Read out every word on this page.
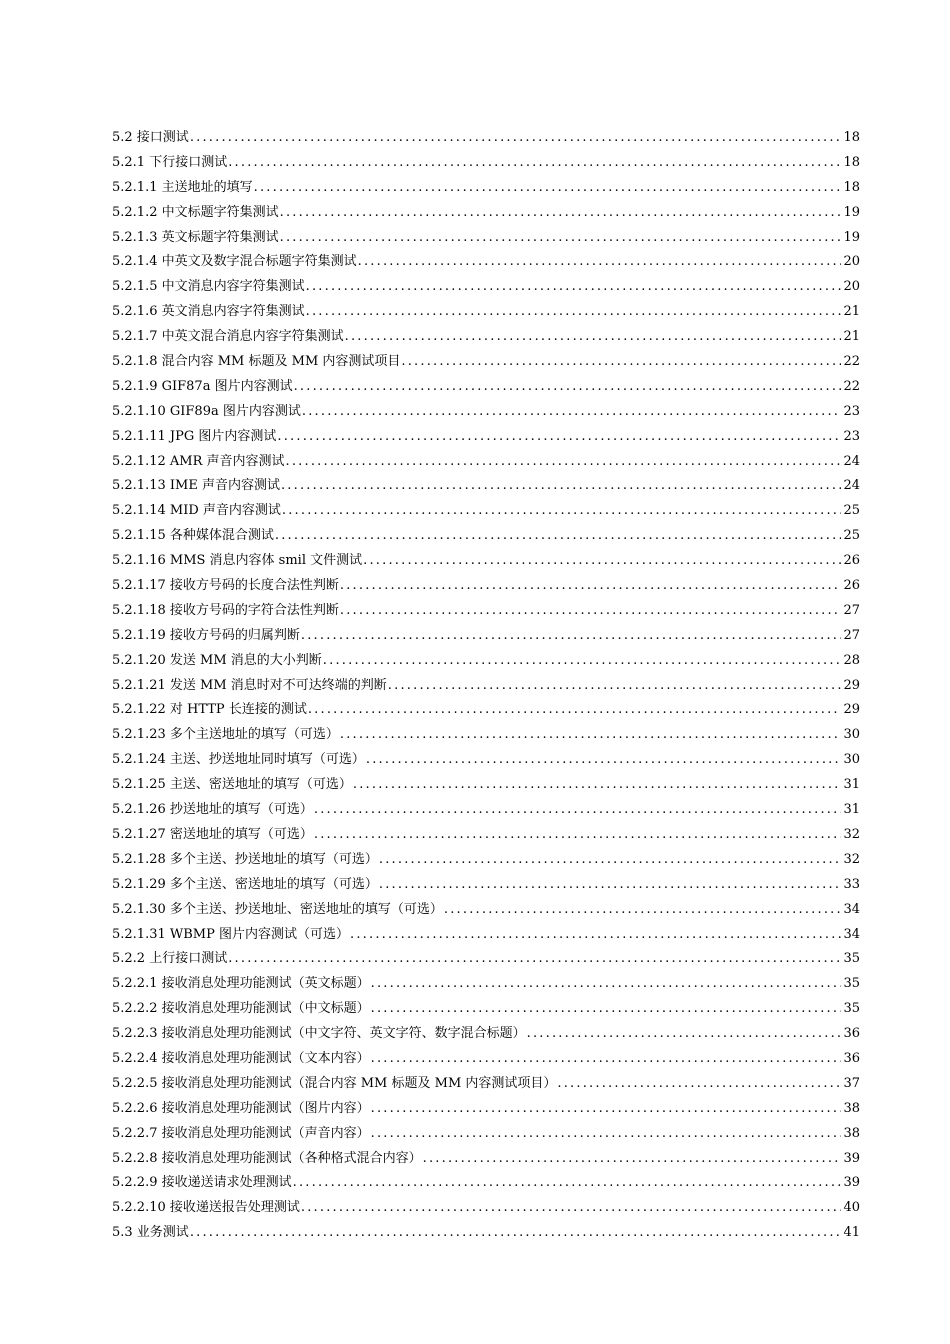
5.2 接口测试 .....	18
5.2.1 下行接口测试 .....	18
5.2.1.1 主送地址的填写 .....	18
5.2.1.2 中文标题字符集测试 .....	19
5.2.1.3 英文标题字符集测试 .....	19
5.2.1.4 中英文及数字混合标题字符集测试 .....	20
5.2.1.5 中文消息内容字符集测试 .....	20
5.2.1.6 英文消息内容字符集测试 .....	21
5.2.1.7 中英文混合消息内容字符集测试 .....	21
5.2.1.8 混合内容 MM 标题及 MM 内容测试项目 .....	22
5.2.1.9 GIF87a 图片内容测试 .....	22
5.2.1.10 GIF89a 图片内容测试 .....	23
5.2.1.11 JPG 图片内容测试 .....	23
5.2.1.12 AMR 声音内容测试 .....	24
5.2.1.13 IME 声音内容测试 .....	24
5.2.1.14 MID 声音内容测试 .....	25
5.2.1.15 各种媒体混合测试 .....	25
5.2.1.16 MMS 消息内容体 smil 文件测试 .....	26
5.2.1.17 接收方号码的长度合法性判断 .....	26
5.2.1.18 接收方号码的字符合法性判断 .....	27
5.2.1.19 接收方号码的归属判断 .....	27
5.2.1.20 发送 MM 消息的大小判断 .....	28
5.2.1.21 发送 MM 消息时对不可达终端的判断 .....	29
5.2.1.22 对 HTTP 长连接的测试 .....	29
5.2.1.23 多个主送地址的填写（可选） .....	30
5.2.1.24 主送、抄送地址同时填写（可选） .....	30
5.2.1.25 主送、密送地址的填写（可选） .....	31
5.2.1.26 抄送地址的填写（可选） .....	31
5.2.1.27 密送地址的填写（可选） .....	32
5.2.1.28 多个主送、抄送地址的填写（可选） .....	32
5.2.1.29 多个主送、密送地址的填写（可选） .....	33
5.2.1.30 多个主送、抄送地址、密送地址的填写（可选） .....	34
5.2.1.31 WBMP 图片内容测试（可选） .....	34
5.2.2 上行接口测试 .....	35
5.2.2.1 接收消息处理功能测试（英文标题） .....	35
5.2.2.2 接收消息处理功能测试（中文标题） .....	35
5.2.2.3 接收消息处理功能测试（中文字符、英文字符、数字混合标题） .....	36
5.2.2.4 接收消息处理功能测试（文本内容） .....	36
5.2.2.5 接收消息处理功能测试（混合内容 MM 标题及 MM 内容测试项目） .....	37
5.2.2.6 接收消息处理功能测试（图片内容） .....	38
5.2.2.7 接收消息处理功能测试（声音内容） .....	38
5.2.2.8 接收消息处理功能测试（各种格式混合内容） .....	39
5.2.2.9 接收递送请求处理测试 .....	39
5.2.2.10 接收递送报告处理测试 .....	40
5.3 业务测试 .....	41
